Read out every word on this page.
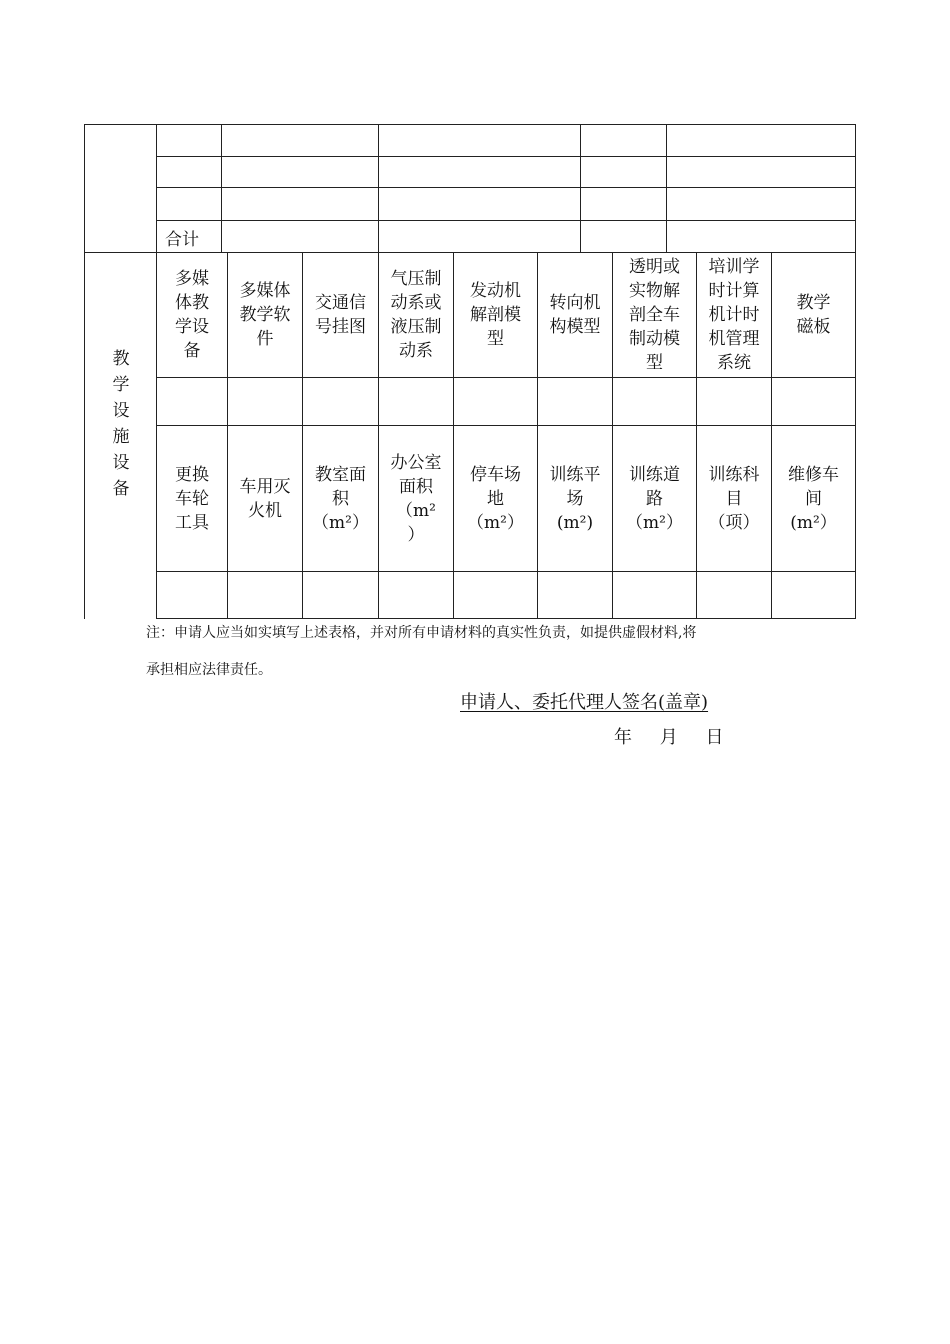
合计
教
学
设
施
设
备
多媒
体教
学设
备
多媒体
教学软
件
交通信
号挂图
气压制
动系或
液压制
动系
发动机
解剖模
型
转向机
构模型
透明或
实物解
剖全车
制动模
型
培训学
时计算
机计时
机管理
系统
教学
磁板
更换
车轮
工具
车用灭
火机
教室面
积
（m²）
办公室
面积
（m²
）
停车场
地
（m²）
训练平
场
(m²)
训练道
路
（m²）
训练科
目
（项）
维修车
间
(m²）
注：申请人应当如实填写上述表格，并对所有申请材料的真实性负责，如提供虚假材料,将
承担相应法律责任。
申请人、委托代理人签名(盖章)
年 月 日
